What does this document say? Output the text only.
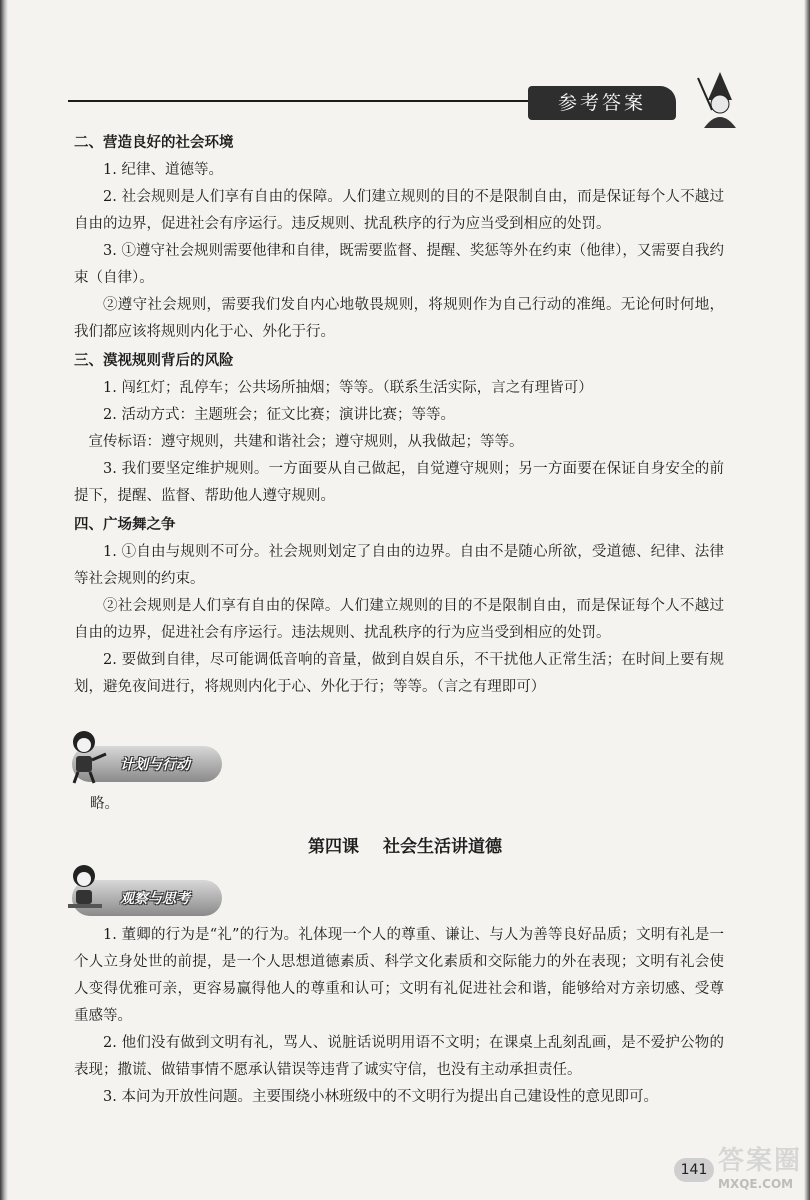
参考答案
二、营造良好的社会环境

1. 纪律、道德等。

2. 社会规则是人们享有自由的保障。人们建立规则的目的不是限制自由，而是保证每个人不越过自由的边界，促进社会有序运行。违反规则、扰乱秩序的行为应当受到相应的处罚。

3. ①遵守社会规则需要他律和自律，既需要监督、提醒、奖惩等外在约束（他律），又需要自我约束（自律）。

②遵守社会规则，需要我们发自内心地敬畏规则，将规则作为自己行动的准绳。无论何时何地，我们都应该将规则内化于心、外化于行。

三、漠视规则背后的风险

1. 闯红灯；乱停车；公共场所抽烟；等等。（联系生活实际，言之有理皆可）

2. 活动方式：主题班会；征文比赛；演讲比赛；等等。

宣传标语：遵守规则，共建和谐社会；遵守规则，从我做起；等等。

3. 我们要坚定维护规则。一方面要从自己做起，自觉遵守规则；另一方面要在保证自身安全的前提下，提醒、监督、帮助他人遵守规则。

四、广场舞之争

1. ①自由与规则不可分。社会规则划定了自由的边界。自由不是随心所欲，受道德、纪律、法律等社会规则的约束。

②社会规则是人们享有自由的保障。人们建立规则的目的不是限制自由，而是保证每个人不越过自由的边界，促进社会有序运行。违法规则、扰乱秩序的行为应当受到相应的处罚。

2. 要做到自律，尽可能调低音响的音量，做到自娱自乐，不干扰他人正常生活；在时间上要有规划，避免夜间进行，将规则内化于心、外化于行；等等。（言之有理即可）

计划与行动
略。
第四课 社会生活讲道德
观察与思考

1. 董卿的行为是“礼”的行为。礼体现一个人的尊重、谦让、与人为善等良好品质；文明有礼是一个人立身处世的前提，是一个人思想道德素质、科学文化素质和交际能力的外在表现；文明有礼会使人变得优雅可亲，更容易赢得他人的尊重和认可；文明有礼促进社会和谐，能够给对方亲切感、受尊重感等。

2. 他们没有做到文明有礼，骂人、说脏话说明用语不文明；在课桌上乱刻乱画，是不爱护公物的表现；撒谎、做错事情不愿承认错误等违背了诚实守信，也没有主动承担责任。

3. 本问为开放性问题。主要围绕小林班级中的不文明行为提出自己建设性的意见即可。

141 答案圈
MXQE.COM
